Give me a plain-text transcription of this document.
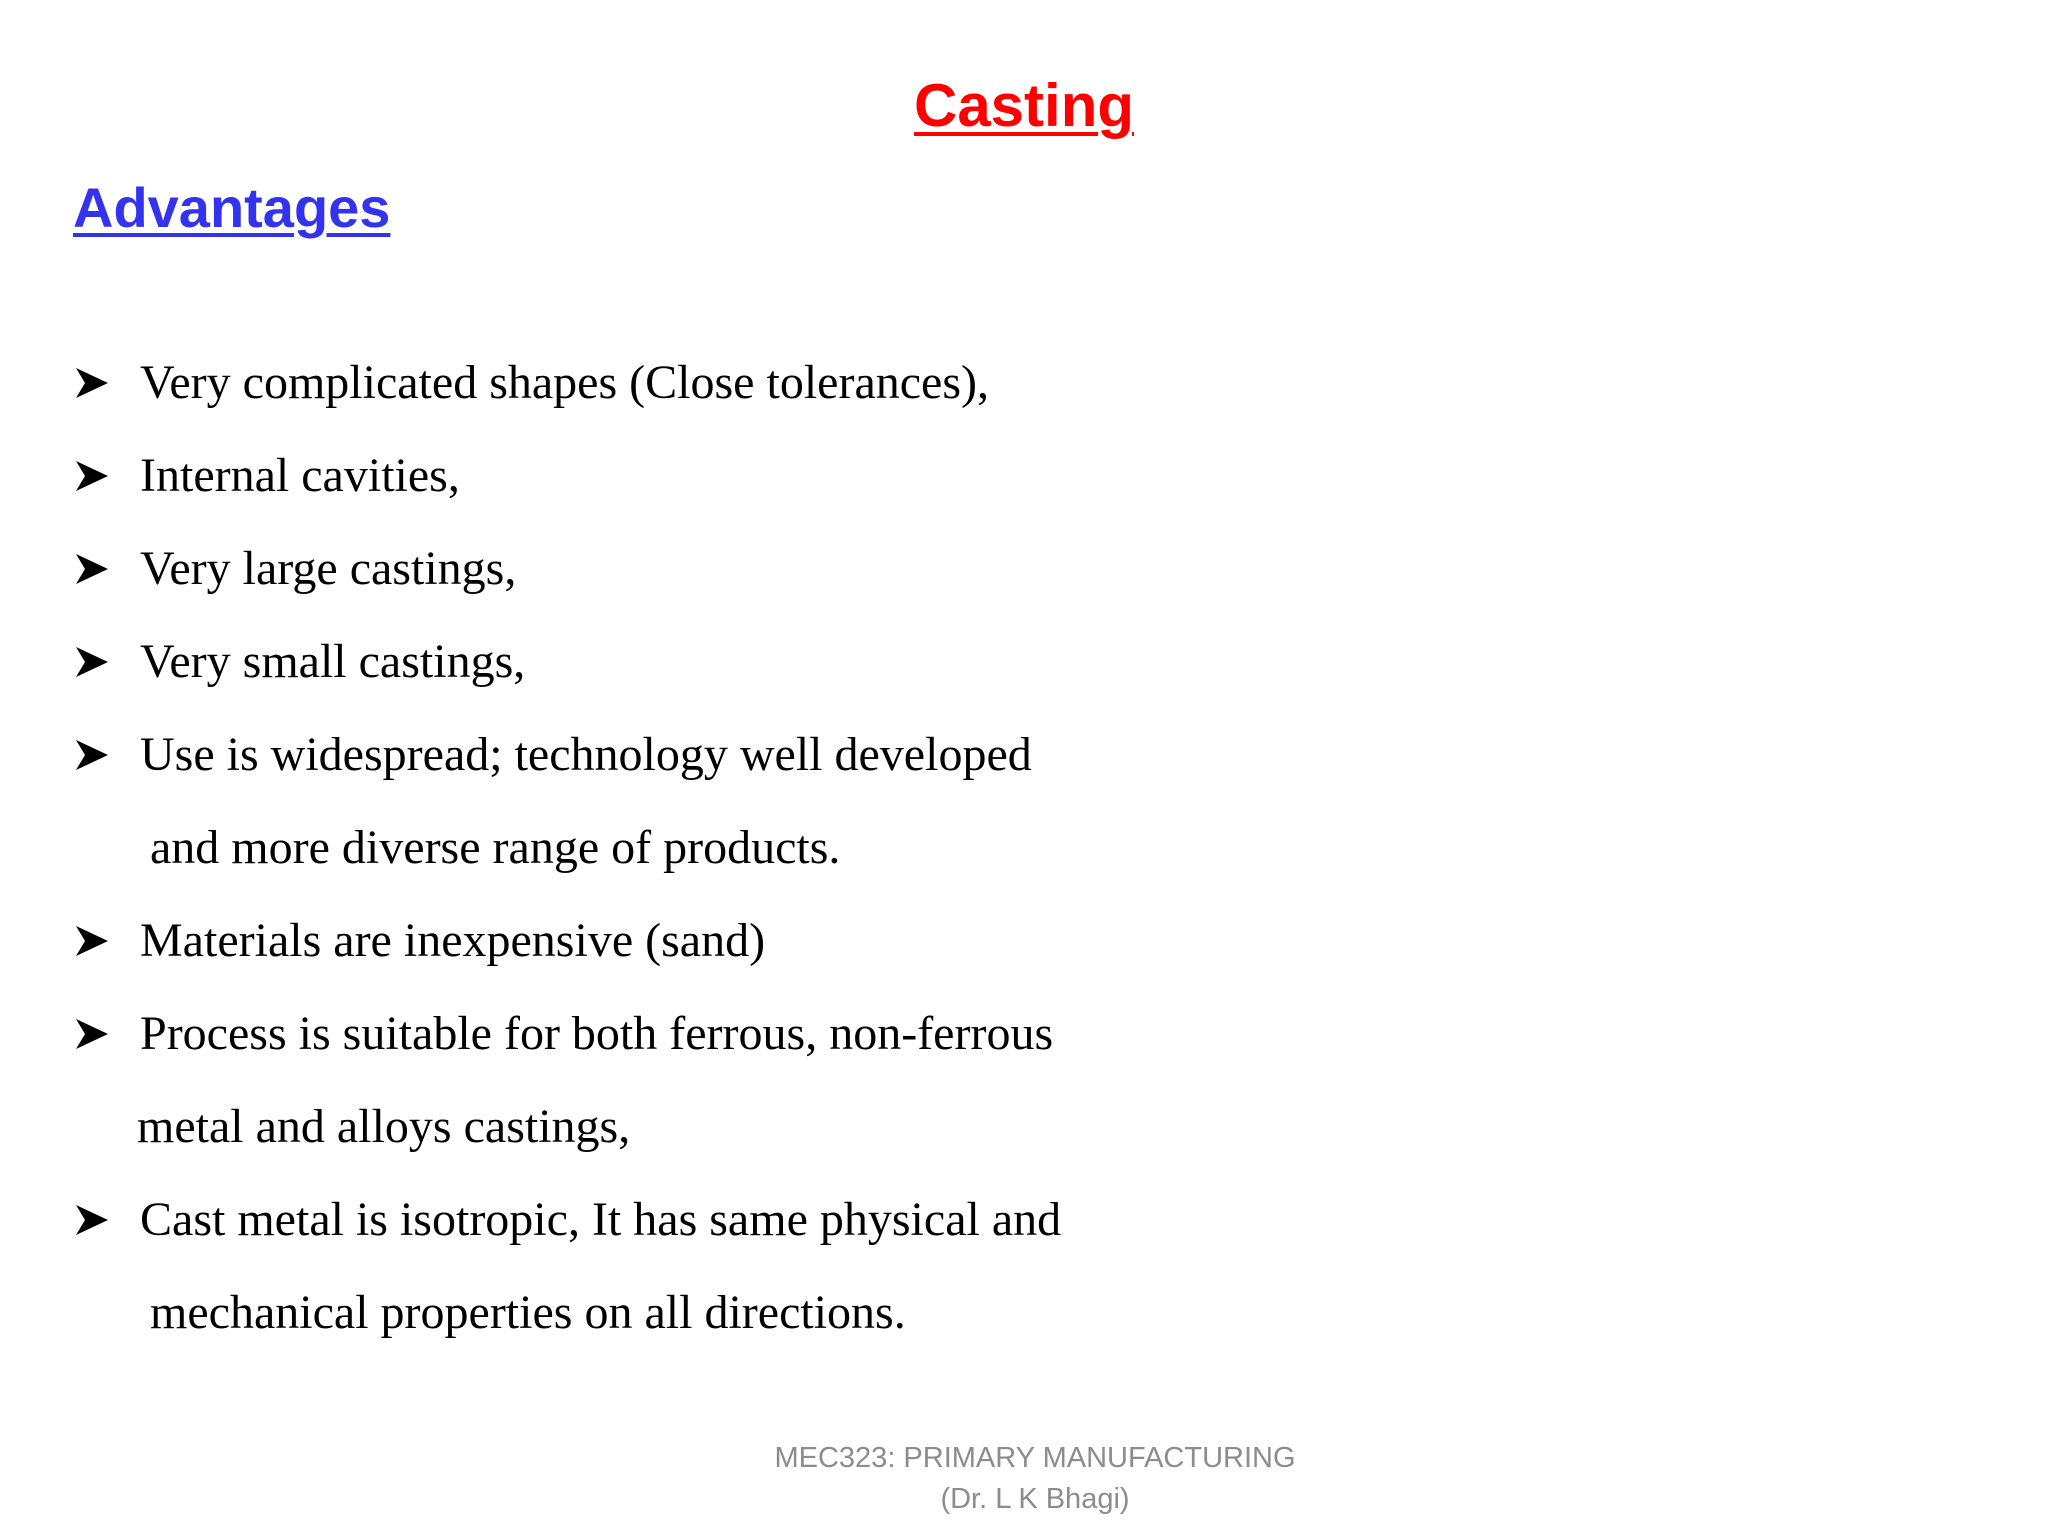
Casting
Advantages
Very complicated shapes (Close tolerances),
Internal cavities,
Very large castings,
Very small castings,
Use is widespread; technology well developed
and more diverse range of products.
Materials are inexpensive (sand)
Process is suitable for both ferrous, non-ferrous
metal and alloys castings,
Cast metal is isotropic, It has same physical and
mechanical properties on all directions.
MEC323: PRIMARY MANUFACTURING
(Dr. L K Bhagi)
